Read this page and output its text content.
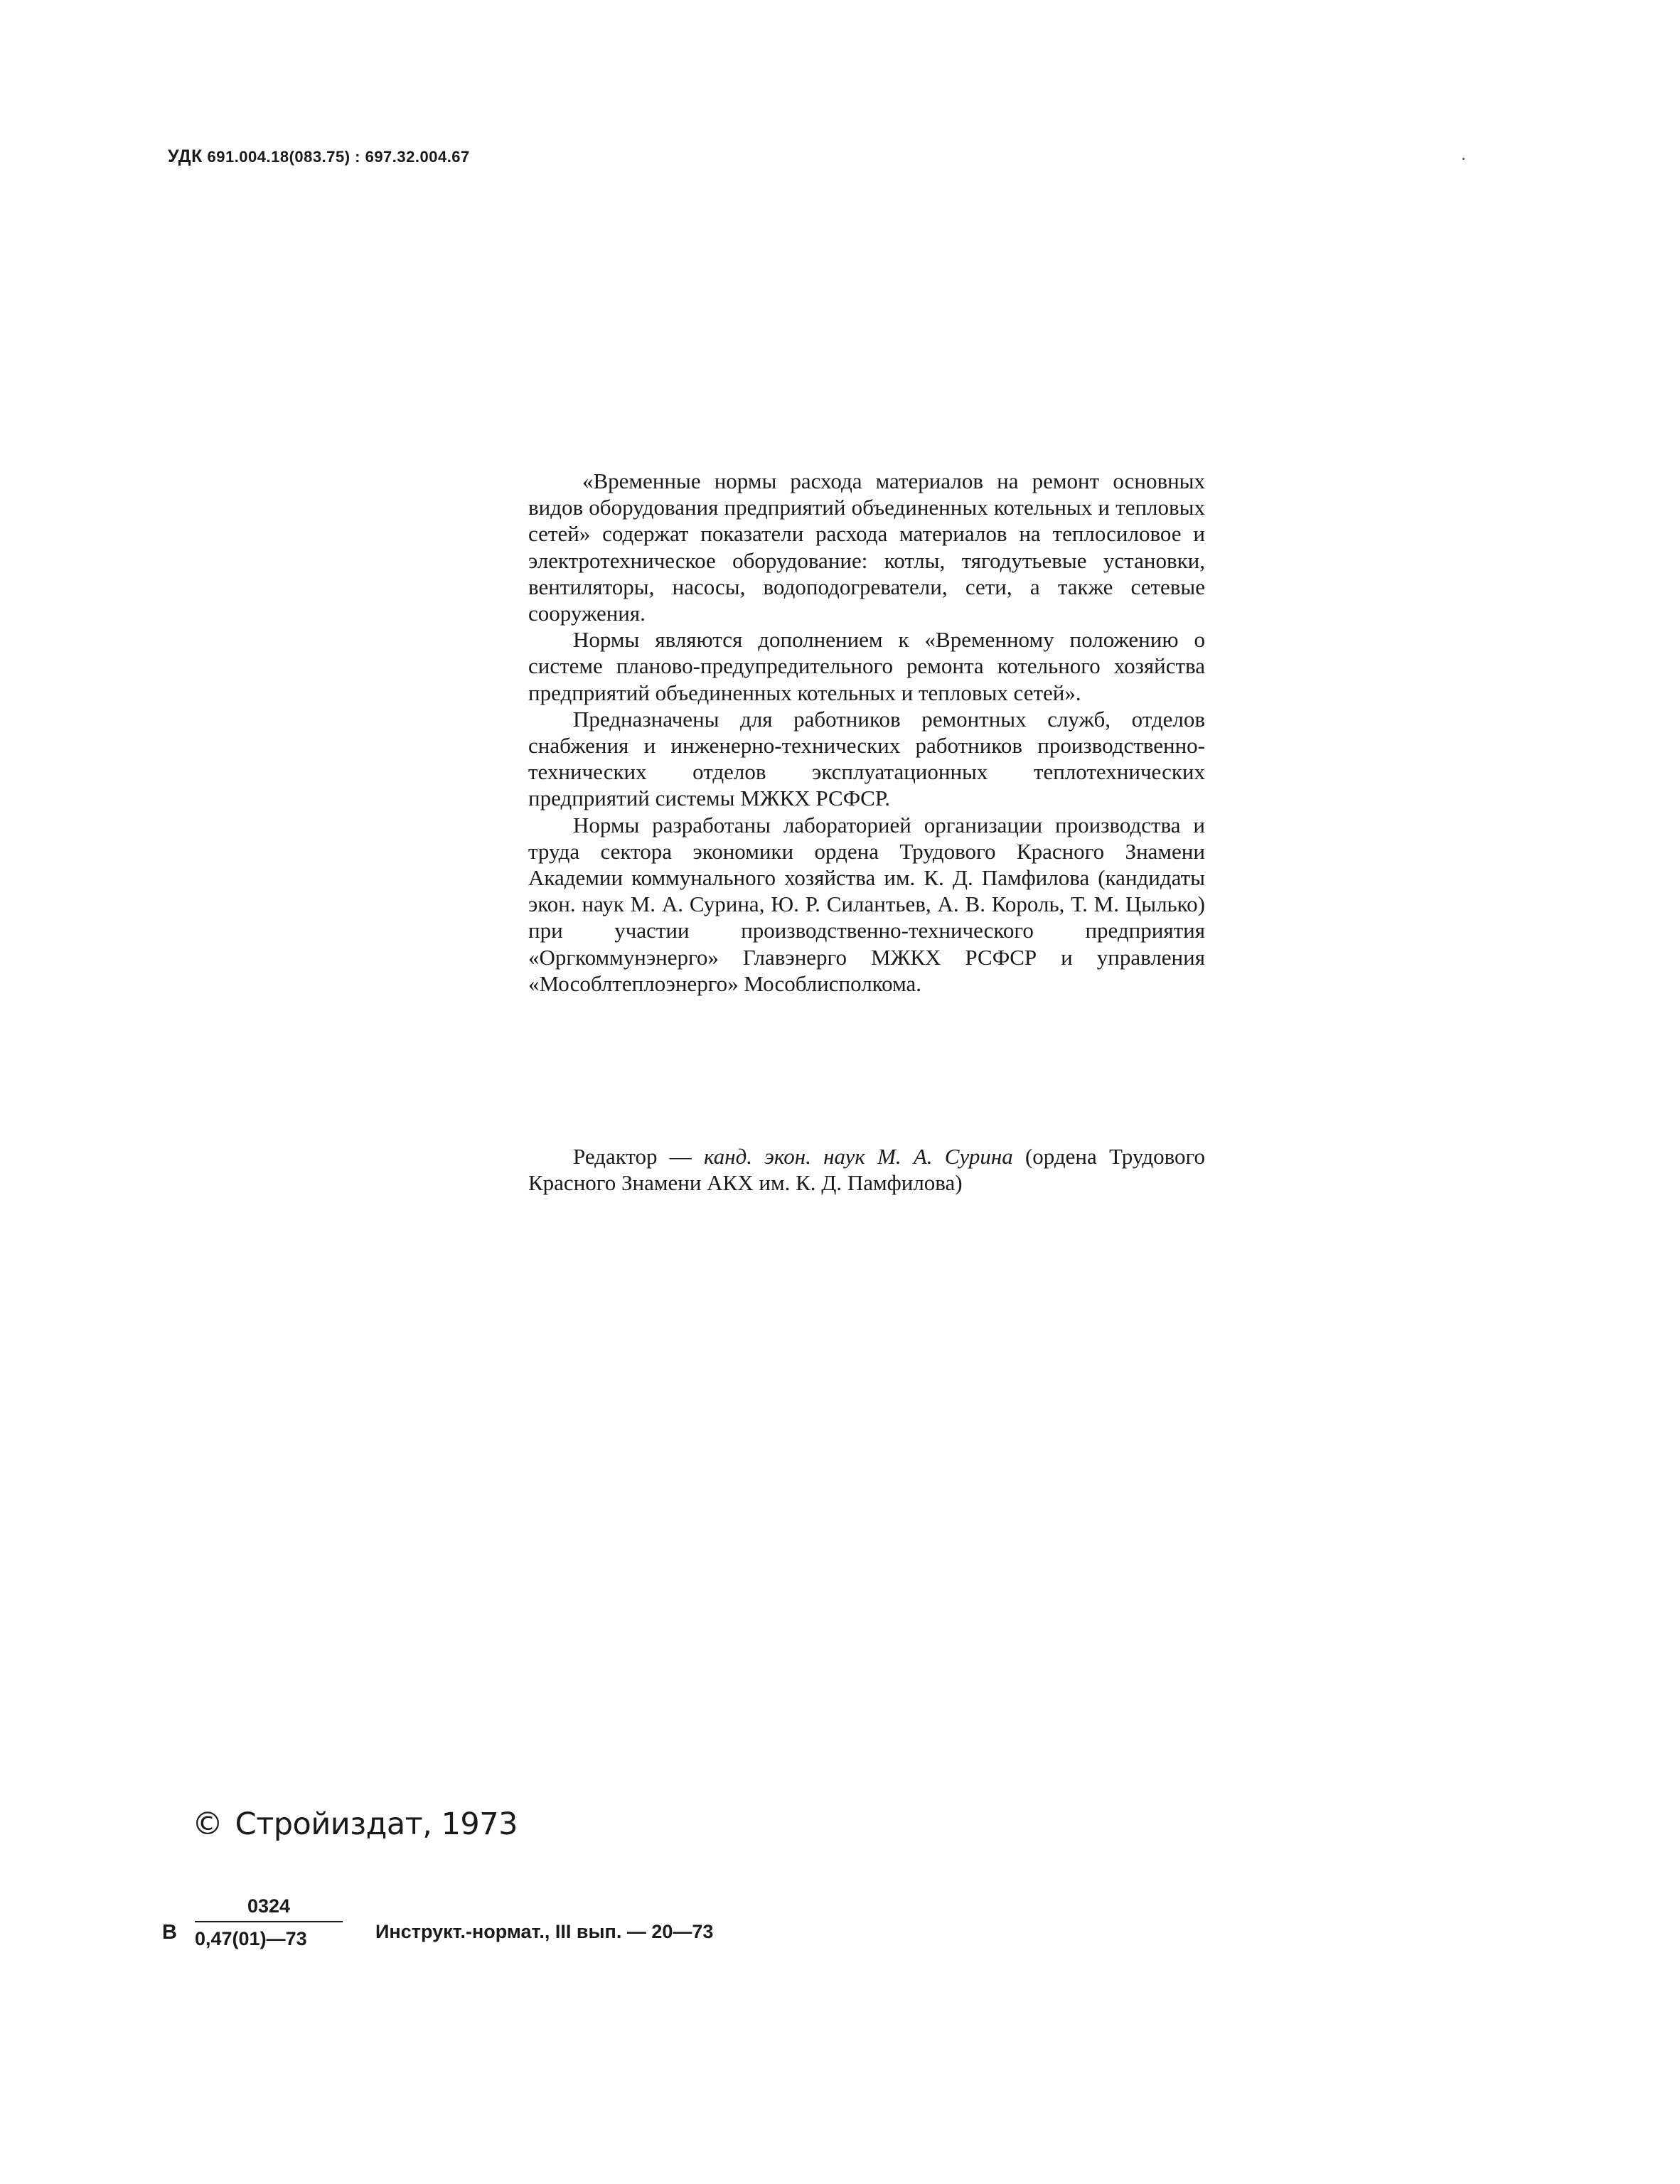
УДК 691.004.18(083.75) : 697.32.004.67

«Временные нормы расхода материалов на ремонт основных видов оборудования предприятий объединенных котельных и тепловых сетей» содержат показатели расхода материалов на теплосиловое и электротехническое оборудование: котлы, тягодутьевые установки, вентиляторы, насосы, водоподогреватели, сети, а также сетевые сооружения.

Нормы являются дополнением к «Временному положению о системе планово-предупредительного ремонта котельного хозяйства предприятий объединенных котельных и тепловых сетей».

Предназначены для работников ремонтных служб, отделов снабжения и инженерно-технических работников производственно-технических отделов эксплуатационных теплотехнических предприятий системы МЖКХ РСФСР.

Нормы разработаны лабораторией организации производства и труда сектора экономики ордена Трудового Красного Знамени Академии коммунального хозяйства им. К. Д. Памфилова (кандидаты экон. наук М. А. Сурина, Ю. Р. Силантьев, А. В. Король, Т. М. Цылько) при участии производственно-технического предприятия «Оргкоммунэнерго» Главэнерго МЖКХ РСФСР и управления «Мособлтеплоэнерго» Мособлисполкома.

Редактор — канд. экон. наук М. А. Сурина (ордена Трудового Красного Знамени АКХ им. К. Д. Памфилова)
© Стройиздат, 1973
В
0324
0,47(01)—73	Инструкт.-нормат., III вып. — 20—73
